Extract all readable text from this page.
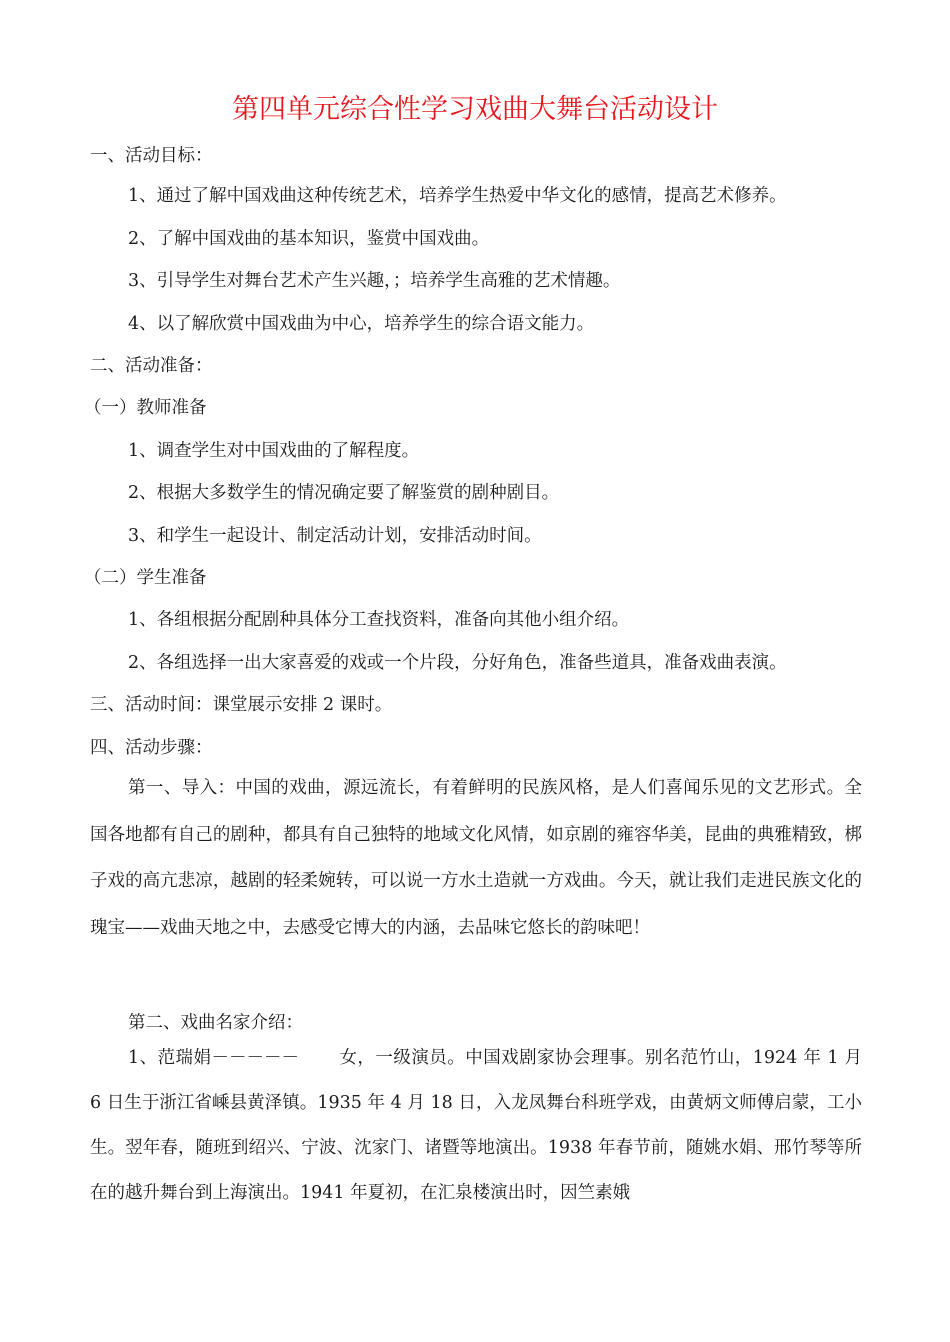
第四单元综合性学习戏曲大舞台活动设计
一、活动目标：
1、通过了解中国戏曲这种传统艺术，培养学生热爱中华文化的感情，提高艺术修养。
2、了解中国戏曲的基本知识，鉴赏中国戏曲。
3、引导学生对舞台艺术产生兴趣，；培养学生高雅的艺术情趣。
4、以了解欣赏中国戏曲为中心，培养学生的综合语文能力。
二、活动准备：
（一）教师准备
1、调查学生对中国戏曲的了解程度。
2、根据大多数学生的情况确定要了解鉴赏的剧种剧目。
3、和学生一起设计、制定活动计划，安排活动时间。
（二）学生准备
1、各组根据分配剧种具体分工查找资料，准备向其他小组介绍。
2、各组选择一出大家喜爱的戏或一个片段，分好角色，准备些道具，准备戏曲表演。
三、活动时间：课堂展示安排 2 课时。
四、活动步骤：
第一、导入：中国的戏曲，源远流长，有着鲜明的民族风格，是人们喜闻乐见的文艺形式。全国各地都有自己的剧种，都具有自己独特的地域文化风情，如京剧的雍容华美，昆曲的典雅精致，梆子戏的高亢悲凉，越剧的轻柔婉转，可以说一方水土造就一方戏曲。今天，就让我们走进民族文化的瑰宝——戏曲天地之中，去感受它博大的内涵，去品味它悠长的韵味吧！
第二、戏曲名家介绍：
1、范瑞娟－－－－－ 女，一级演员。中国戏剧家协会理事。别名范竹山，1924 年 1 月 6 日生于浙江省嵊县黄泽镇。1935 年 4 月 18 日，入龙凤舞台科班学戏，由黄炳文师傅启蒙，工小生。翌年春，随班到绍兴、宁波、沈家门、诸暨等地演出。1938 年春节前，随姚水娟、邢竹琴等所在的越升舞台到上海演出。1941 年夏初，在汇泉楼演出时，因竺素娥
